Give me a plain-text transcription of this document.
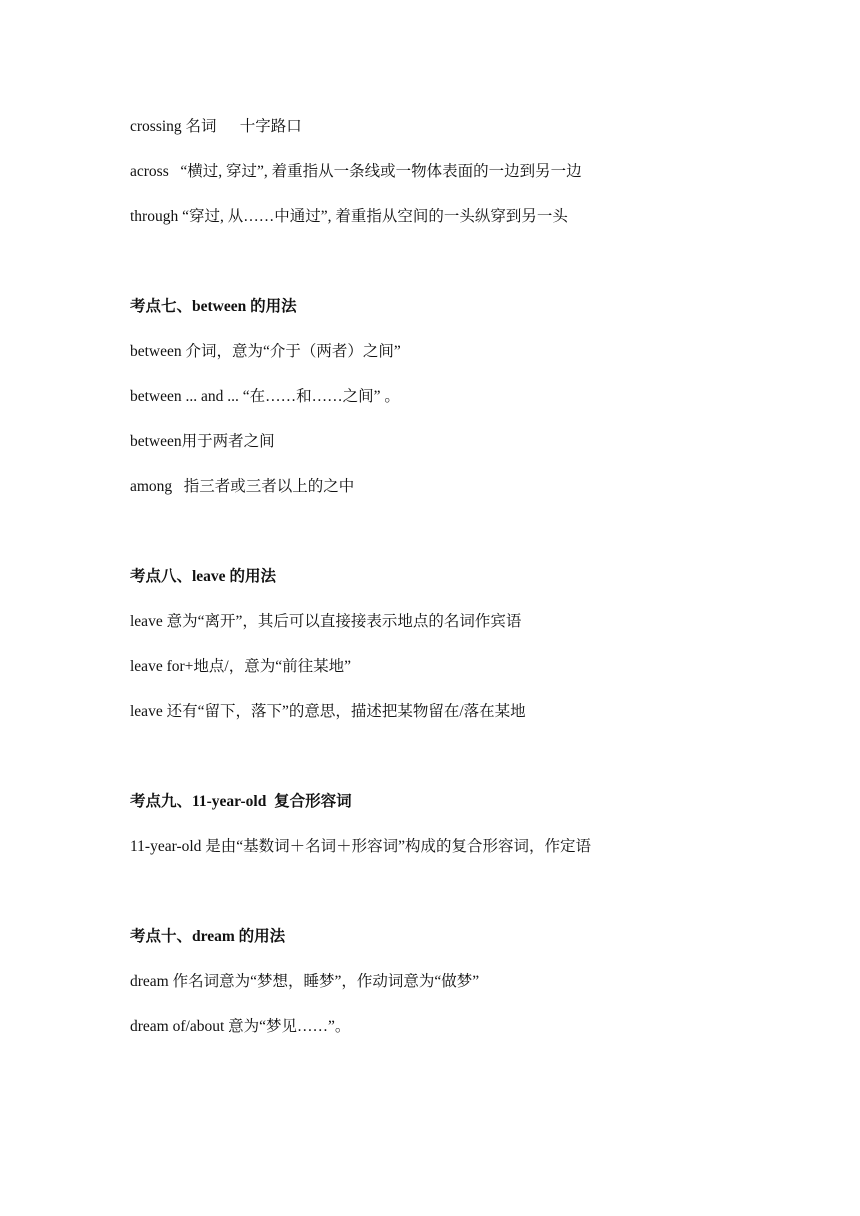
crossing 名词      十字路口
across   “横过, 穿过”, 着重指从一条线或一物体表面的一边到另一边
through “穿过, 从……中通过”, 着重指从空间的一头纵穿到另一头
考点七、between 的用法
between 介词，意为“介于（两者）之间”
between ... and ... “在……和……之间” 。
between用于两者之间
among   指三者或三者以上的之中
考点八、leave 的用法
leave 意为“离开”，其后可以直接接表示地点的名词作宾语
leave for+地点/，意为“前往某地”
leave 还有“留下，落下”的意思，描述把某物留在/落在某地
考点九、11-year-old  复合形容词
11-year-old 是由“基数词＋名词＋形容词”构成的复合形容词，作定语
考点十、dream 的用法
dream 作名词意为“梦想，睡梦”，作动词意为“做梦”
dream of/about 意为“梦见……”。
